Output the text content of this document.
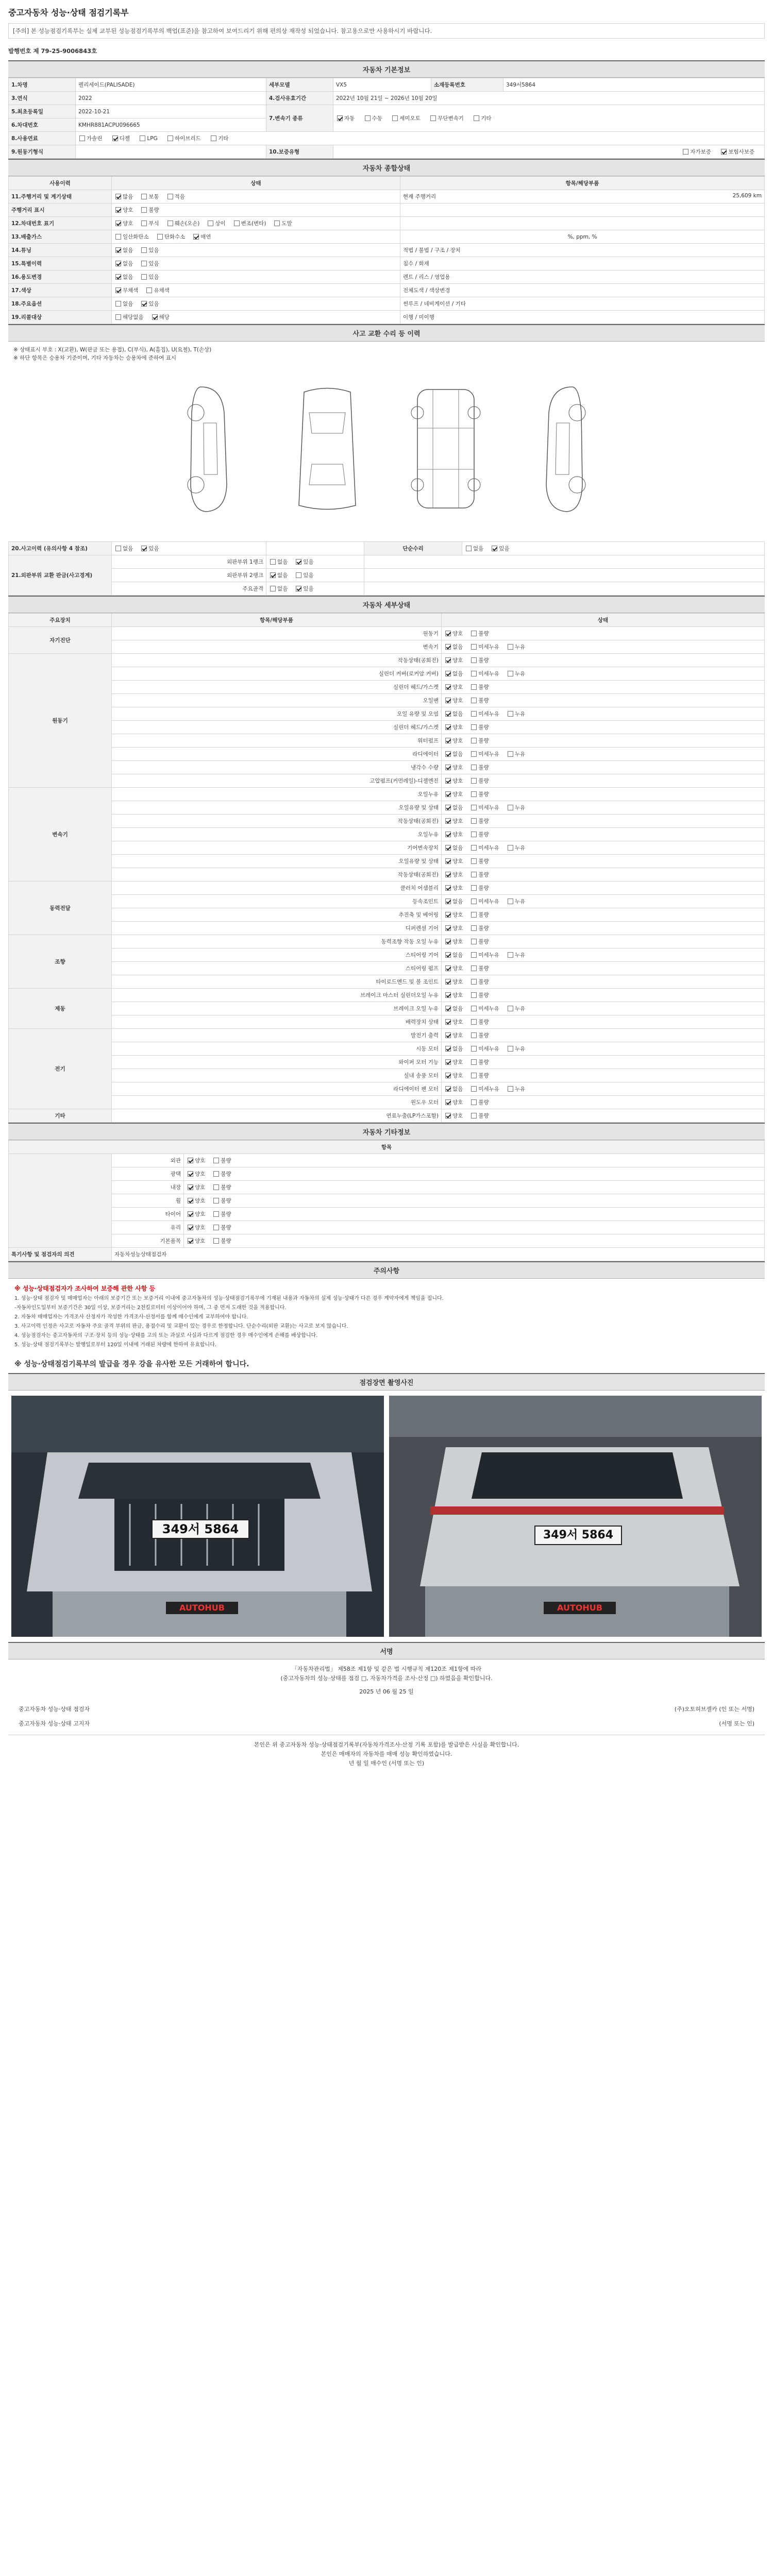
중고자동차 성능·상태 점검기록부
[주의] 본 성능점검기록부는 실제 교부된 성능점검기록부의 백업(표준)을 참고하여 보여드리기 위해 편의상 재작성 되었습니다. 참고용으로만 사용하시기 바랍니다.
발행번호 제 79-25-9006843호
자동차 기본정보
1.차명	펠리세이드(PALISADE)	세부모델	VX5	소재등록번호	349서5864
3.연식	2022	4.검사유효기간	2022년 10월 21일 ~ 2026년 10월 20일		
5.최초등록일	2022-10-21	7.변속기 종류	자동 수동 세미오토 무단변속기 기타		
6.차대번호	KMHR881ACPU096665				
8.사용연료	가솔린 디젤 LPG 하이브리드 기타				
9.원동기형식		10.보증유형	자가보증 보험사보증		
자동차 종합상태
사용이력	상태	항목/해당부품
11.주행거리 및 계기상태	많음 보통 적음	현재 주행거리 25,609 km

주행거리 표시	양호 불량	
12.차대번호 표기	양호 부식 훼손(오손) 상이 변조(변타) 도말	
13.배출가스	일산화탄소 탄화수소 매연	%, ppm, %
14.튜닝	없음 있음	적법 / 불법 / 구조 / 장치
15.특별이력	없음 있음	침수 / 화재
16.용도변경	없음 있음	렌트 / 리스 / 영업용
17.색상	무채색 유채색	전체도색 / 색상변경
18.주요옵션	없음 있음	썬루프 / 네비게이션 / 기타
19.리콜대상	해당없음 해당	이행 / 미이행
사고 교환 수리 등 이력
※ 상태표시 부호 : X(교환), W(판금 또는 용접), C(부식), A(흠집), U(요철), T(손상)
※ 하단 항목은 승용차 기준이며, 기타 자동차는 승용차에 준하여 표시
20.사고이력 (유의사항 4 참조)	없음 있음		단순수리	없음 있음
21.외판부위 교환 판금(사고경계)	외판부위 1랭크	없음 있음		
	외판부위 2랭크	없음 있음		
	주요골격	없음 있음		
자동차 세부상태
주요장치	항목/해당부품	상태
자기진단	원동기	양호 불량
	변속기	없음 미세누유 누유
원동기	작동상태(공회전)	양호 불량
	실린더 커버(로커암 커버)	없음 미세누유 누유
	실린더 헤드/가스켓	양호 불량
	오일팬	양호 불량
	오일 유량 및 오염	없음 미세누유 누유
	실린더 헤드/가스켓	양호 불량
	워터펌프	양호 불량
	라디에이터	없음 미세누유 누유
	냉각수 수량	양호 불량
	고압펌프(커먼레일)-디젤엔진	양호 불량
변속기	오일누유	양호 불량
	오일유량 및 상태	없음 미세누유 누유
	작동상태(공회전)	양호 불량
	오일누유	양호 불량
	기어변속장치	없음 미세누유 누유
	오일유량 및 상태	양호 불량
	작동상태(공회전)	양호 불량
동력전달	클러치 어셈블리	양호 불량
	등속조인트	없음 미세누유 누유
	추진축 및 베어링	양호 불량
	디퍼렌셜 기어	양호 불량
조향	동력조향 작동 오일 누유	양호 불량
	스티어링 기어	없음 미세누유 누유
	스티어링 펌프	양호 불량
	타이로드엔드 및 볼 조인트	양호 불량
제동	브레이크 마스터 실린더오일 누유	양호 불량
	브레이크 오일 누유	없음 미세누유 누유
	배력장치 상태	양호 불량
전기	발전기 출력	양호 불량
	시동 모터	없음 미세누유 누유
	와이퍼 모터 기능	양호 불량
	실내 송풍 모터	양호 불량
	라디에이터 팬 모터	없음 미세누유 누유
	윈도우 모터	양호 불량
기타	연료누출(LP가스포함)	양호 불량
자동차 기타정보
항목		
	외관	양호 불량
	광택	양호 불량
	내장	양호 불량
	휠	양호 불량
	타이어	양호 불량
	유리	양호 불량
	기본품목	양호 불량
특기사항 및 점검자의 의견	자동차성능상태점검자	
주의사항
※ 성능·상태점검자가 조사하여 보증해 관한 사항 등

1. 성능·상태 점검자 및 매매업자는 아래의 보증기간 또는 보증거리 이내에 중고자동차의 성능·상태점검기록부에 기재된 내용과 자동차의 실제 성능·상태가 다른 경우 계약자에게 책임을 집니다.

-자동차인도일부터 보증기간은 30일 이상, 보증거리는 2천킬로미터 이상이어야 하며, 그 중 먼저 도래한 것을 적용합니다.

2. 자동차 매매업자는 가격조사 산정자가 작성한 가격조사·산정서를 함께 매수인에게 교부하여야 합니다.

3. 사고이력 인정은 사고로 자동차 주요 골격 부위의 판금, 용접수리 및 교환이 있는 경우로 한정합니다. 단순수리(외판 교환)는 사고로 보지 않습니다.

4. 성능점검자는 중고자동차의 구조·장치 등의 성능·상태를 고의 또는 과실로 사실과 다르게 점검한 경우 매수인에게 손해를 배상합니다.

5. 성능·상태 점검기록부는 발행일로부터 120일 이내에 거래된 차량에 한하여 유효합니다.

※ 성능·상태점검기록부의 발급을 경우 강을 유사한 모든 거래하여 합니다.
점검장면 촬영사진
349서 5864
AUTOHUB
349서 5864
AUTOHUB
서명
「자동차관리법」 제58조 제1항 및 같은 법 시행규칙 제120조 제1항에 따라
(중고자동차의 성능·상태를 점검 □, 자동차가격을 조사·산정 □) 하였음을 확인합니다.
2025 년 06 월 25 일
중고자동차 성능·상태 점검자	(주)오토허브셀카 (인 또는 서명)
중고자동차 성능·상태 고지자	(서명 또는 인)
본인은 위 중고자동차 성능·상태점검기록부(자동차가격조사·산정 기록 포함)를 발급받은 사실을 확인합니다.
본인은 매매자의 자동차를 매매 성능 확인하였습니다.
년 월 일 매수인 (서명 또는 인)
